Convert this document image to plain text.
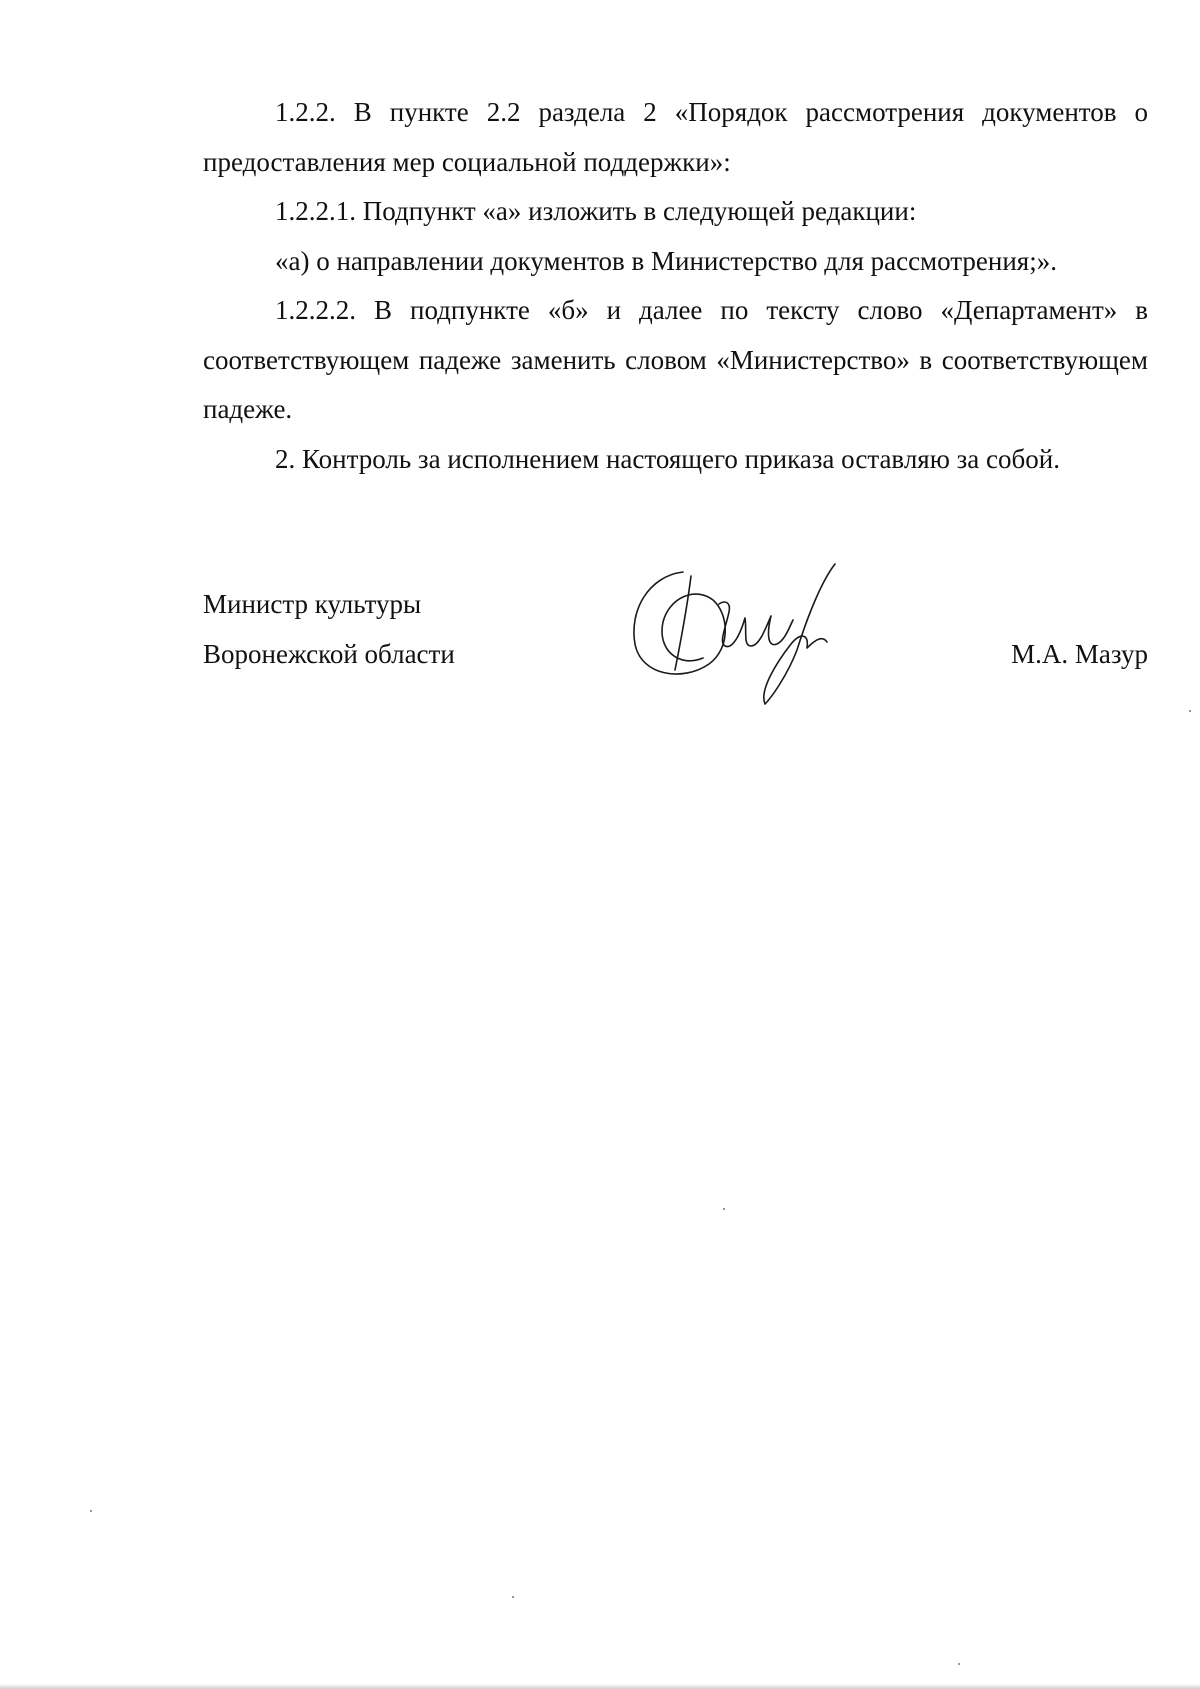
1.2.2. В пункте 2.2 раздела 2 «Порядок рассмотрения документов о предоставления мер социальной поддержки»:

1.2.2.1. Подпункт «а» изложить в следующей редакции:

«а) о направлении документов в Министерство для рассмотрения;».

1.2.2.2. В подпункте «б» и далее по тексту слово «Департамент» в соответствующем падеже заменить словом «Министерство» в соответствующем падеже.

2. Контроль за исполнением настоящего приказа оставляю за собой.

Министр культуры
Воронежской области	М.А. Мазур
